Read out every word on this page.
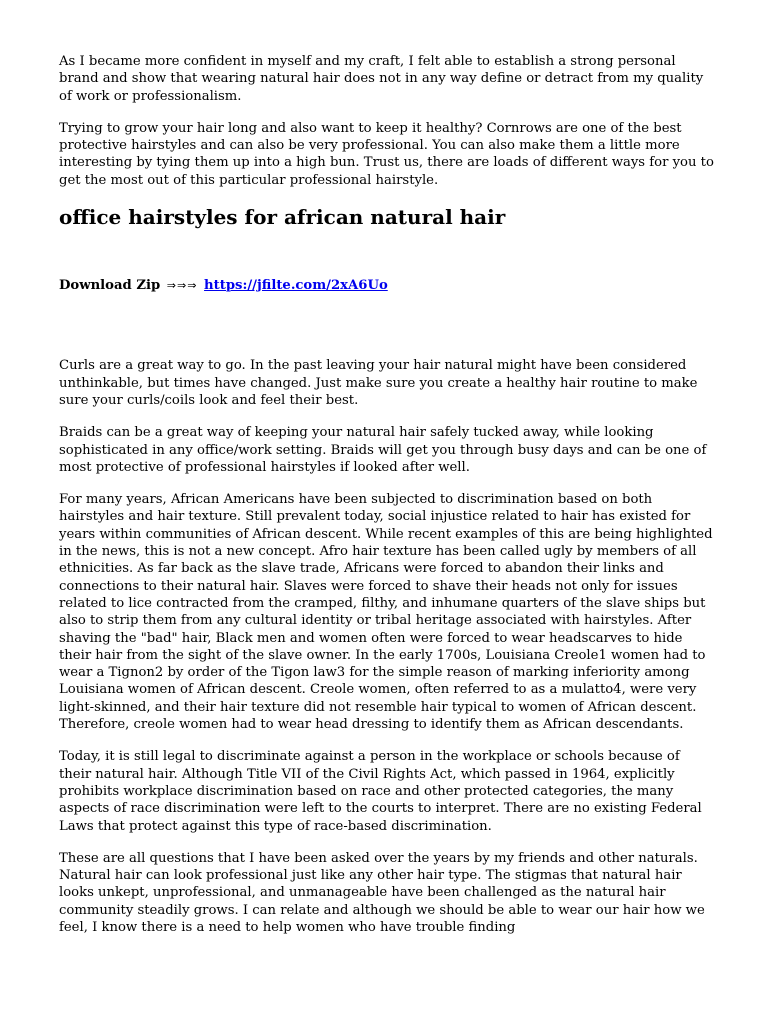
As I became more confident in myself and my craft, I felt able to establish a strong personal brand and show that wearing natural hair does not in any way define or detract from my quality of work or professionalism.

Trying to grow your hair long and also want to keep it healthy? Cornrows are one of the best protective hairstyles and can also be very professional. You can also make them a little more interesting by tying them up into a high bun. Trust us, there are loads of different ways for you to get the most out of this particular professional hairstyle.

office hairstyles for african natural hair
Download Zip ⇒⇒⇒ https://jfilte.com/2xA6Uo

Curls are a great way to go. In the past leaving your hair natural might have been considered unthinkable, but times have changed. Just make sure you create a healthy hair routine to make sure your curls/coils look and feel their best.

Braids can be a great way of keeping your natural hair safely tucked away, while looking sophisticated in any office/work setting. Braids will get you through busy days and can be one of most protective of professional hairstyles if looked after well.

For many years, African Americans have been subjected to discrimination based on both hairstyles and hair texture. Still prevalent today, social injustice related to hair has existed for years within communities of African descent. While recent examples of this are being highlighted in the news, this is not a new concept. Afro hair texture has been called ugly by members of all ethnicities. As far back as the slave trade, Africans were forced to abandon their links and connections to their natural hair. Slaves were forced to shave their heads not only for issues related to lice contracted from the cramped, filthy, and inhumane quarters of the slave ships but also to strip them from any cultural identity or tribal heritage associated with hairstyles. After shaving the "bad" hair, Black men and women often were forced to wear headscarves to hide their hair from the sight of the slave owner. In the early 1700s, Louisiana Creole1 women had to wear a Tignon2 by order of the Tigon law3 for the simple reason of marking inferiority among Louisiana women of African descent. Creole women, often referred to as a mulatto4, were very light-skinned, and their hair texture did not resemble hair typical to women of African descent. Therefore, creole women had to wear head dressing to identify them as African descendants.

Today, it is still legal to discriminate against a person in the workplace or schools because of their natural hair. Although Title VII of the Civil Rights Act, which passed in 1964, explicitly prohibits workplace discrimination based on race and other protected categories, the many aspects of race discrimination were left to the courts to interpret. There are no existing Federal Laws that protect against this type of race-based discrimination.

These are all questions that I have been asked over the years by my friends and other naturals. Natural hair can look professional just like any other hair type. The stigmas that natural hair looks unkept, unprofessional, and unmanageable have been challenged as the natural hair community steadily grows. I can relate and although we should be able to wear our hair how we feel, I know there is a need to help women who have trouble finding
